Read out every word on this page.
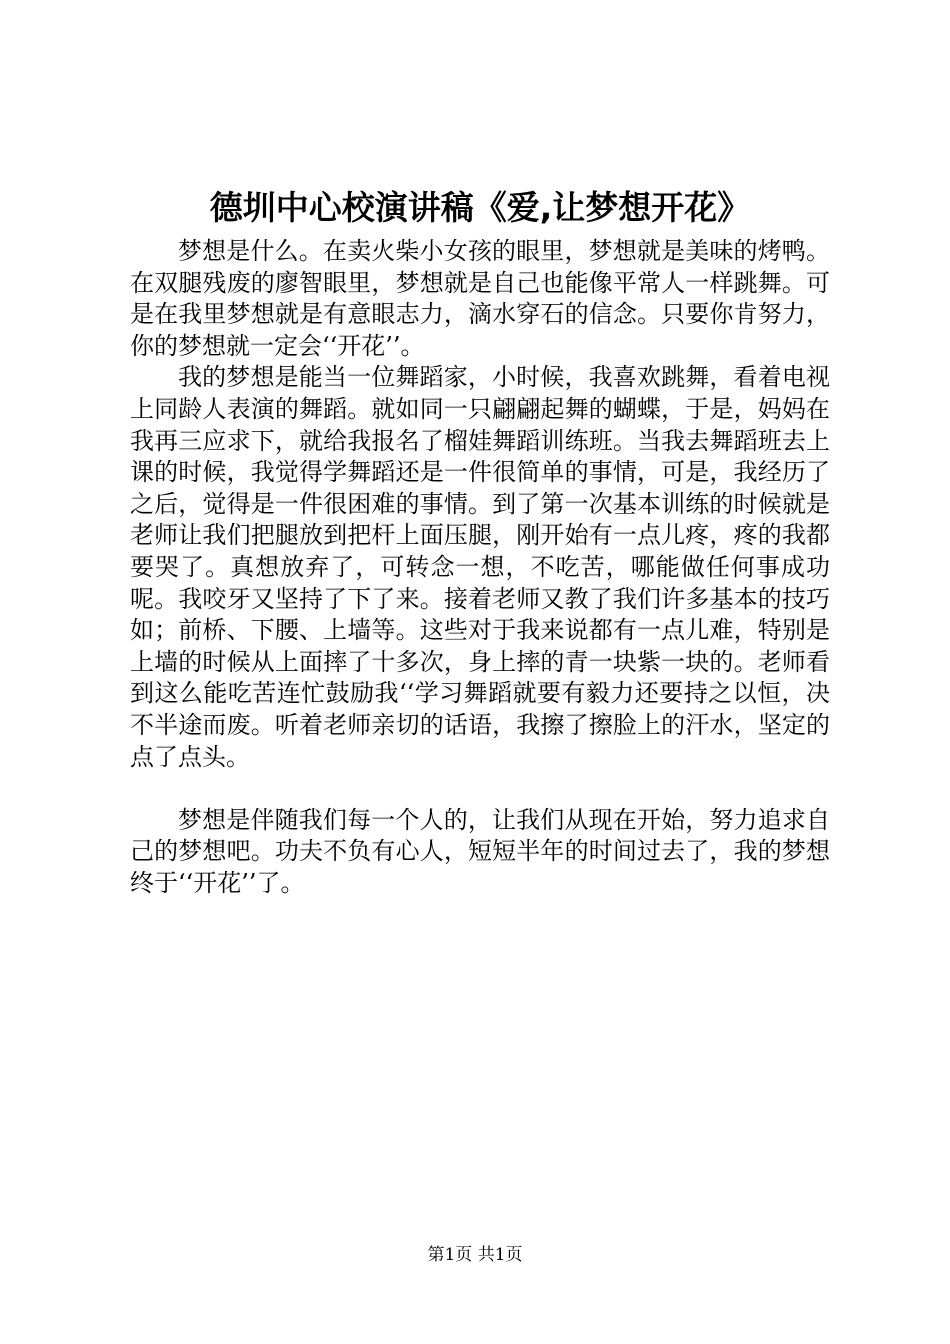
德圳中心校演讲稿《爱,让梦想开花》

梦想是什么。在卖火柴小女孩的眼里，梦想就是美味的烤鸭。在双腿残废的廖智眼里，梦想就是自己也能像平常人一样跳舞。可是在我里梦想就是有意眼志力，滴水穿石的信念。只要你肯努力，你的梦想就一定会‘‘开花’’。

我的梦想是能当一位舞蹈家，小时候，我喜欢跳舞，看着电视上同龄人表演的舞蹈。就如同一只翩翩起舞的蝴蝶，于是，妈妈在我再三应求下，就给我报名了榴娃舞蹈训练班。当我去舞蹈班去上课的时候，我觉得学舞蹈还是一件很简单的事情，可是，我经历了之后，觉得是一件很困难的事情。到了第一次基本训练的时候就是老师让我们把腿放到把杆上面压腿，刚开始有一点儿疼，疼的我都要哭了。真想放弃了，可转念一想，不吃苦，哪能做任何事成功呢。我咬牙又坚持了下了来。接着老师又教了我们许多基本的技巧如；前桥、下腰、上墙等。这些对于我来说都有一点儿难，特别是上墙的时候从上面摔了十多次，身上摔的青一块紫一块的。老师看到这么能吃苦连忙鼓励我‘‘学习舞蹈就要有毅力还要持之以恒，决不半途而废。听着老师亲切的话语，我擦了擦脸上的汗水，坚定的点了点头。

梦想是伴随我们每一个人的，让我们从现在开始，努力追求自己的梦想吧。功夫不负有心人，短短半年的时间过去了，我的梦想终于‘‘开花’’了。

第1页 共1页
